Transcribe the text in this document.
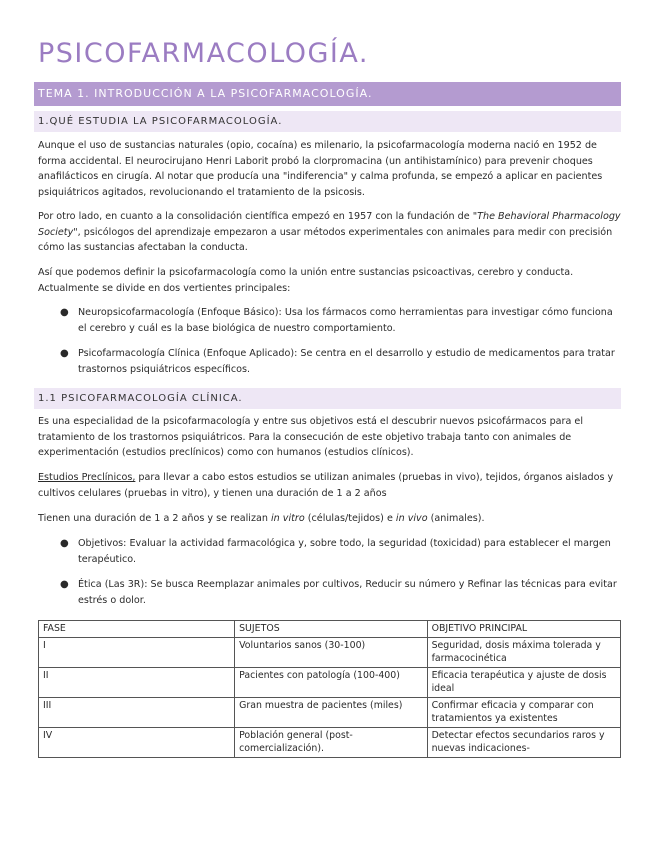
PSICOFARMACOLOGÍA.
TEMA 1. INTRODUCCIÓN A LA PSICOFARMACOLOGÍA.
1.QUÉ ESTUDIA LA PSICOFARMACOLOGÍA.

Aunque el uso de sustancias naturales (opio, cocaína) es milenario, la psicofarmacología moderna nació en 1952 de forma accidental. El neurocirujano Henri Laborit probó la clorpromacina (un antihistamínico) para prevenir choques anafilácticos en cirugía. Al notar que producía una "indiferencia" y calma profunda, se empezó a aplicar en pacientes psiquiátricos agitados, revolucionando el tratamiento de la psicosis.

Por otro lado, en cuanto a la consolidación científica empezó en 1957 con la fundación de "The Behavioral Pharmacology Society", psicólogos del aprendizaje empezaron a usar métodos experimentales con animales para medir con precisión cómo las sustancias afectaban la conducta.

Así que podemos definir la psicofarmacología como la unión entre sustancias psicoactivas, cerebro y conducta. Actualmente se divide en dos vertientes principales:

● Neuropsicofarmacología (Enfoque Básico): Usa los fármacos como herramientas para investigar cómo funciona el cerebro y cuál es la base biológica de nuestro comportamiento.
● Psicofarmacología Clínica (Enfoque Aplicado): Se centra en el desarrollo y estudio de medicamentos para tratar trastornos psiquiátricos específicos.
1.1 PSICOFARMACOLOGÍA CLÍNICA.

Es una especialidad de la psicofarmacología y entre sus objetivos está el descubrir nuevos psicofármacos para el tratamiento de los trastornos psiquiátricos. Para la consecución de este objetivo trabaja tanto con animales de experimentación (estudios preclínicos) como con humanos (estudios clínicos).

Estudios Preclínicos, para llevar a cabo estos estudios se utilizan animales (pruebas in vivo), tejidos, órganos aislados y cultivos celulares (pruebas in vitro), y tienen una duración de 1 a 2 años

Tienen una duración de 1 a 2 años y se realizan in vitro (células/tejidos) e in vivo (animales).

● Objetivos: Evaluar la actividad farmacológica y, sobre todo, la seguridad (toxicidad) para establecer el margen terapéutico.
● Ética (Las 3R): Se busca Reemplazar animales por cultivos, Reducir su número y Refinar las técnicas para evitar estrés o dolor.
FASE	SUJETOS	OBJETIVO PRINCIPAL
I	Voluntarios sanos (30-100)	Seguridad, dosis máxima tolerada y farmacocinética
II	Pacientes con patología (100-400)	Eficacia terapéutica y ajuste de dosis ideal
III	Gran muestra de pacientes (miles)	Confirmar eficacia y comparar con tratamientos ya existentes
IV	Población general (post-comercialización).	Detectar efectos secundarios raros y nuevas indicaciones-
